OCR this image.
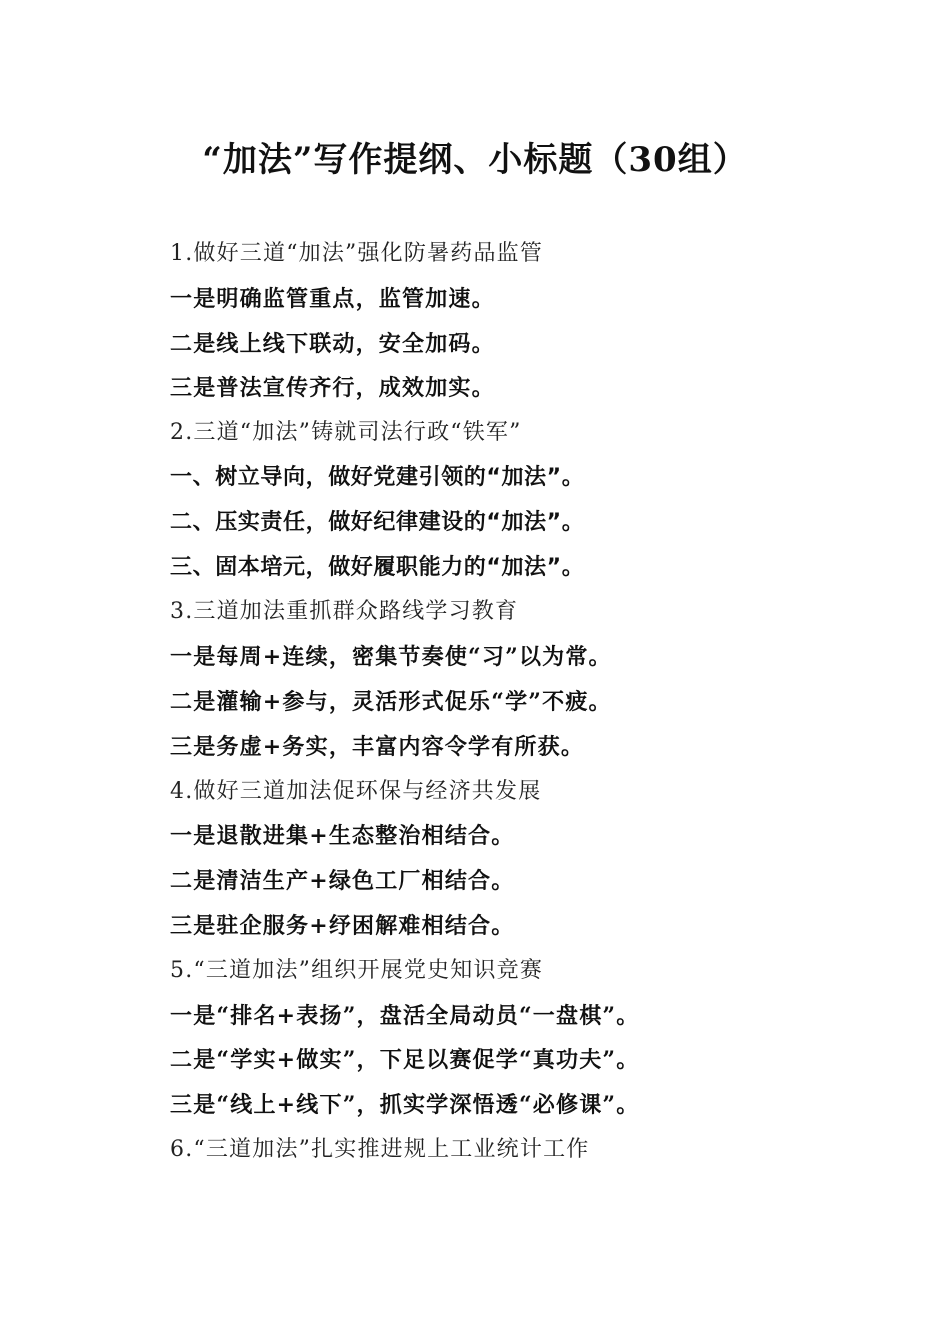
“加法”写作提纲、小标题（30组）
1.做好三道“加法”强化防暑药品监管
一是明确监管重点，监管加速。
二是线上线下联动，安全加码。
三是普法宣传齐行，成效加实。
2.三道“加法”铸就司法行政“铁军”
一、树立导向，做好党建引领的“加法”。
二、压实责任，做好纪律建设的“加法”。
三、固本培元，做好履职能力的“加法”。
3.三道加法重抓群众路线学习教育
一是每周+连续，密集节奏使“习”以为常。
二是灌输+参与，灵活形式促乐“学”不疲。
三是务虚+务实，丰富内容令学有所获。
4.做好三道加法促环保与经济共发展
一是退散进集+生态整治相结合。
二是清洁生产+绿色工厂相结合。
三是驻企服务+纾困解难相结合。
5.“三道加法”组织开展党史知识竞赛
一是“排名+表扬”，盘活全局动员“一盘棋”。
二是“学实+做实”，下足以赛促学“真功夫”。
三是“线上+线下”，抓实学深悟透“必修课”。
6.“三道加法”扎实推进规上工业统计工作
